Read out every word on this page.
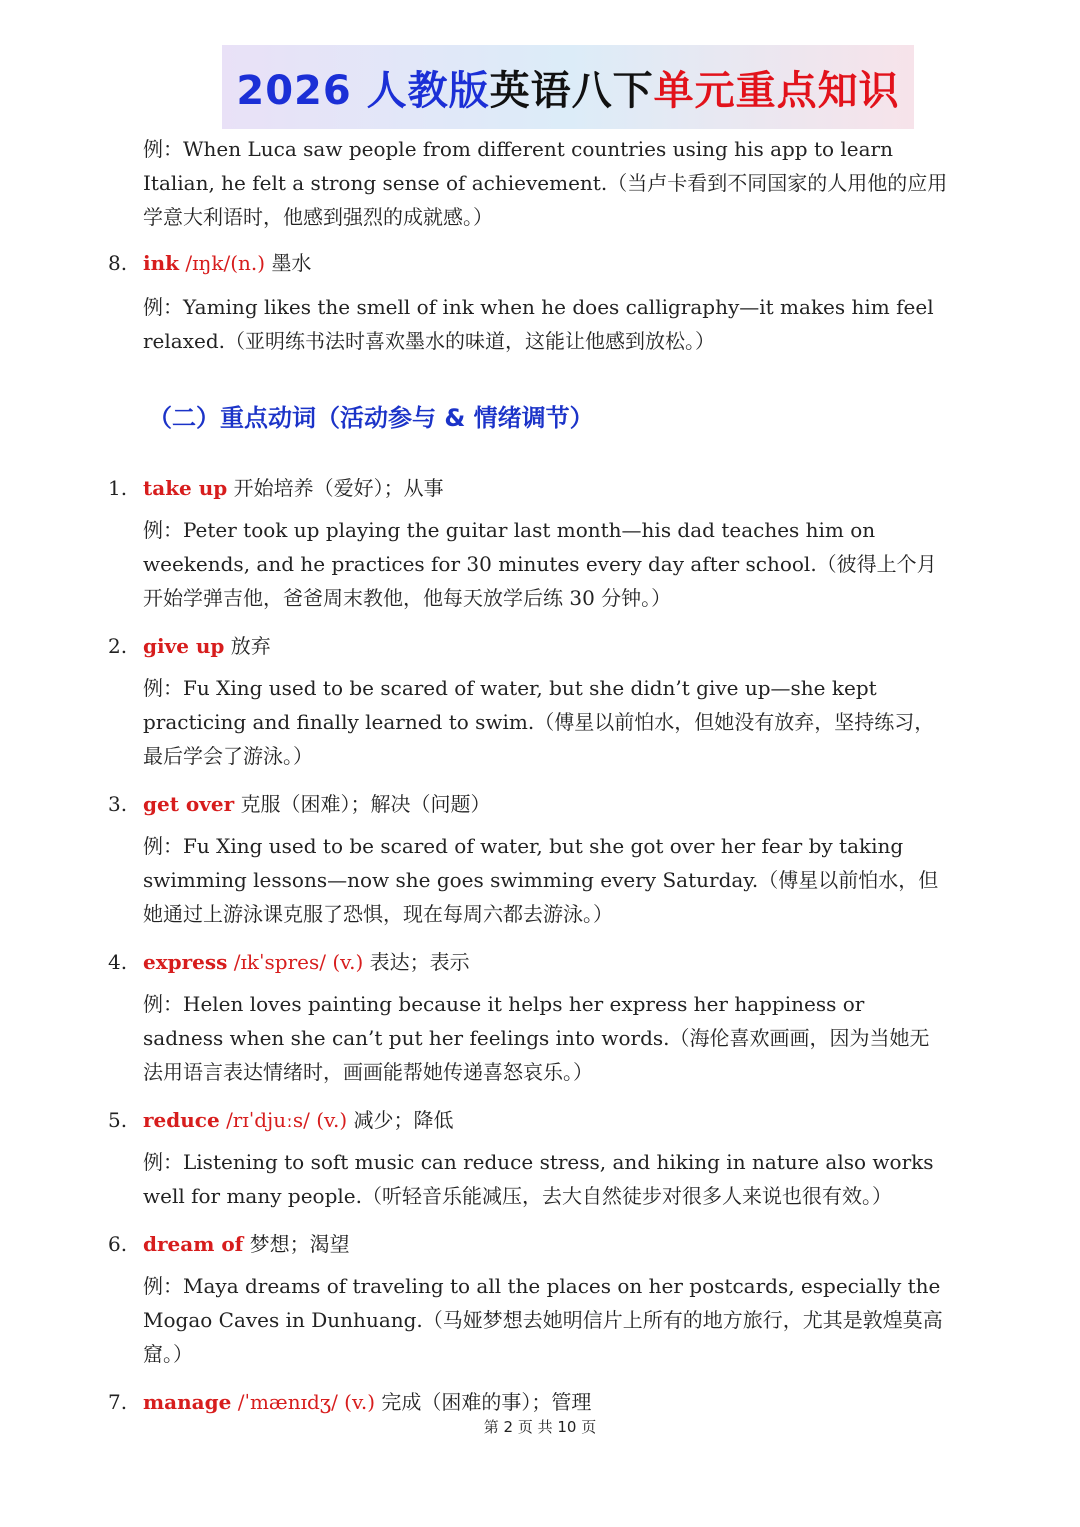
2026 人教版 英语八下 单元重点知识
例：When Luca saw people from different countries using his app to learn Italian, he felt a strong sense of achievement.（当卢卡看到不同国家的人用他的应用学意大利语时，他感到强烈的成就感。）
8. ink /ɪŋk/(n.) 墨水
例：Yaming likes the smell of ink when he does calligraphy—it makes him feel relaxed.（亚明练书法时喜欢墨水的味道，这能让他感到放松。）
（二）重点动词（活动参与 & 情绪调节）
1. take up 开始培养（爱好）；从事
例：Peter took up playing the guitar last month—his dad teaches him on weekends, and he practices for 30 minutes every day after school.（彼得上个月开始学弹吉他，爸爸周末教他，他每天放学后练 30 分钟。）
2. give up 放弃
例：Fu Xing used to be scared of water, but she didn’t give up—she kept practicing and finally learned to swim.（傅星以前怕水，但她没有放弃，坚持练习，最后学会了游泳。）
3. get over 克服（困难）；解决（问题）
例：Fu Xing used to be scared of water, but she got over her fear by taking swimming lessons—now she goes swimming every Saturday.（傅星以前怕水，但她通过上游泳课克服了恐惧，现在每周六都去游泳。）
4. express /ɪkˈspres/ (v.) 表达；表示
例：Helen loves painting because it helps her express her happiness or sadness when she can’t put her feelings into words.（海伦喜欢画画，因为当她无法用语言表达情绪时，画画能帮她传递喜怒哀乐。）
5. reduce /rɪˈdjuːs/ (v.) 减少；降低
例：Listening to soft music can reduce stress, and hiking in nature also works well for many people.（听轻音乐能减压，去大自然徒步对很多人来说也很有效。）
6. dream of 梦想；渴望
例：Maya dreams of traveling to all the places on her postcards, especially the Mogao Caves in Dunhuang.（马娅梦想去她明信片上所有的地方旅行，尤其是敦煌莫高窟。）
7. manage /ˈmænɪdʒ/ (v.) 完成（困难的事）；管理
第 2 页 共 10 页
